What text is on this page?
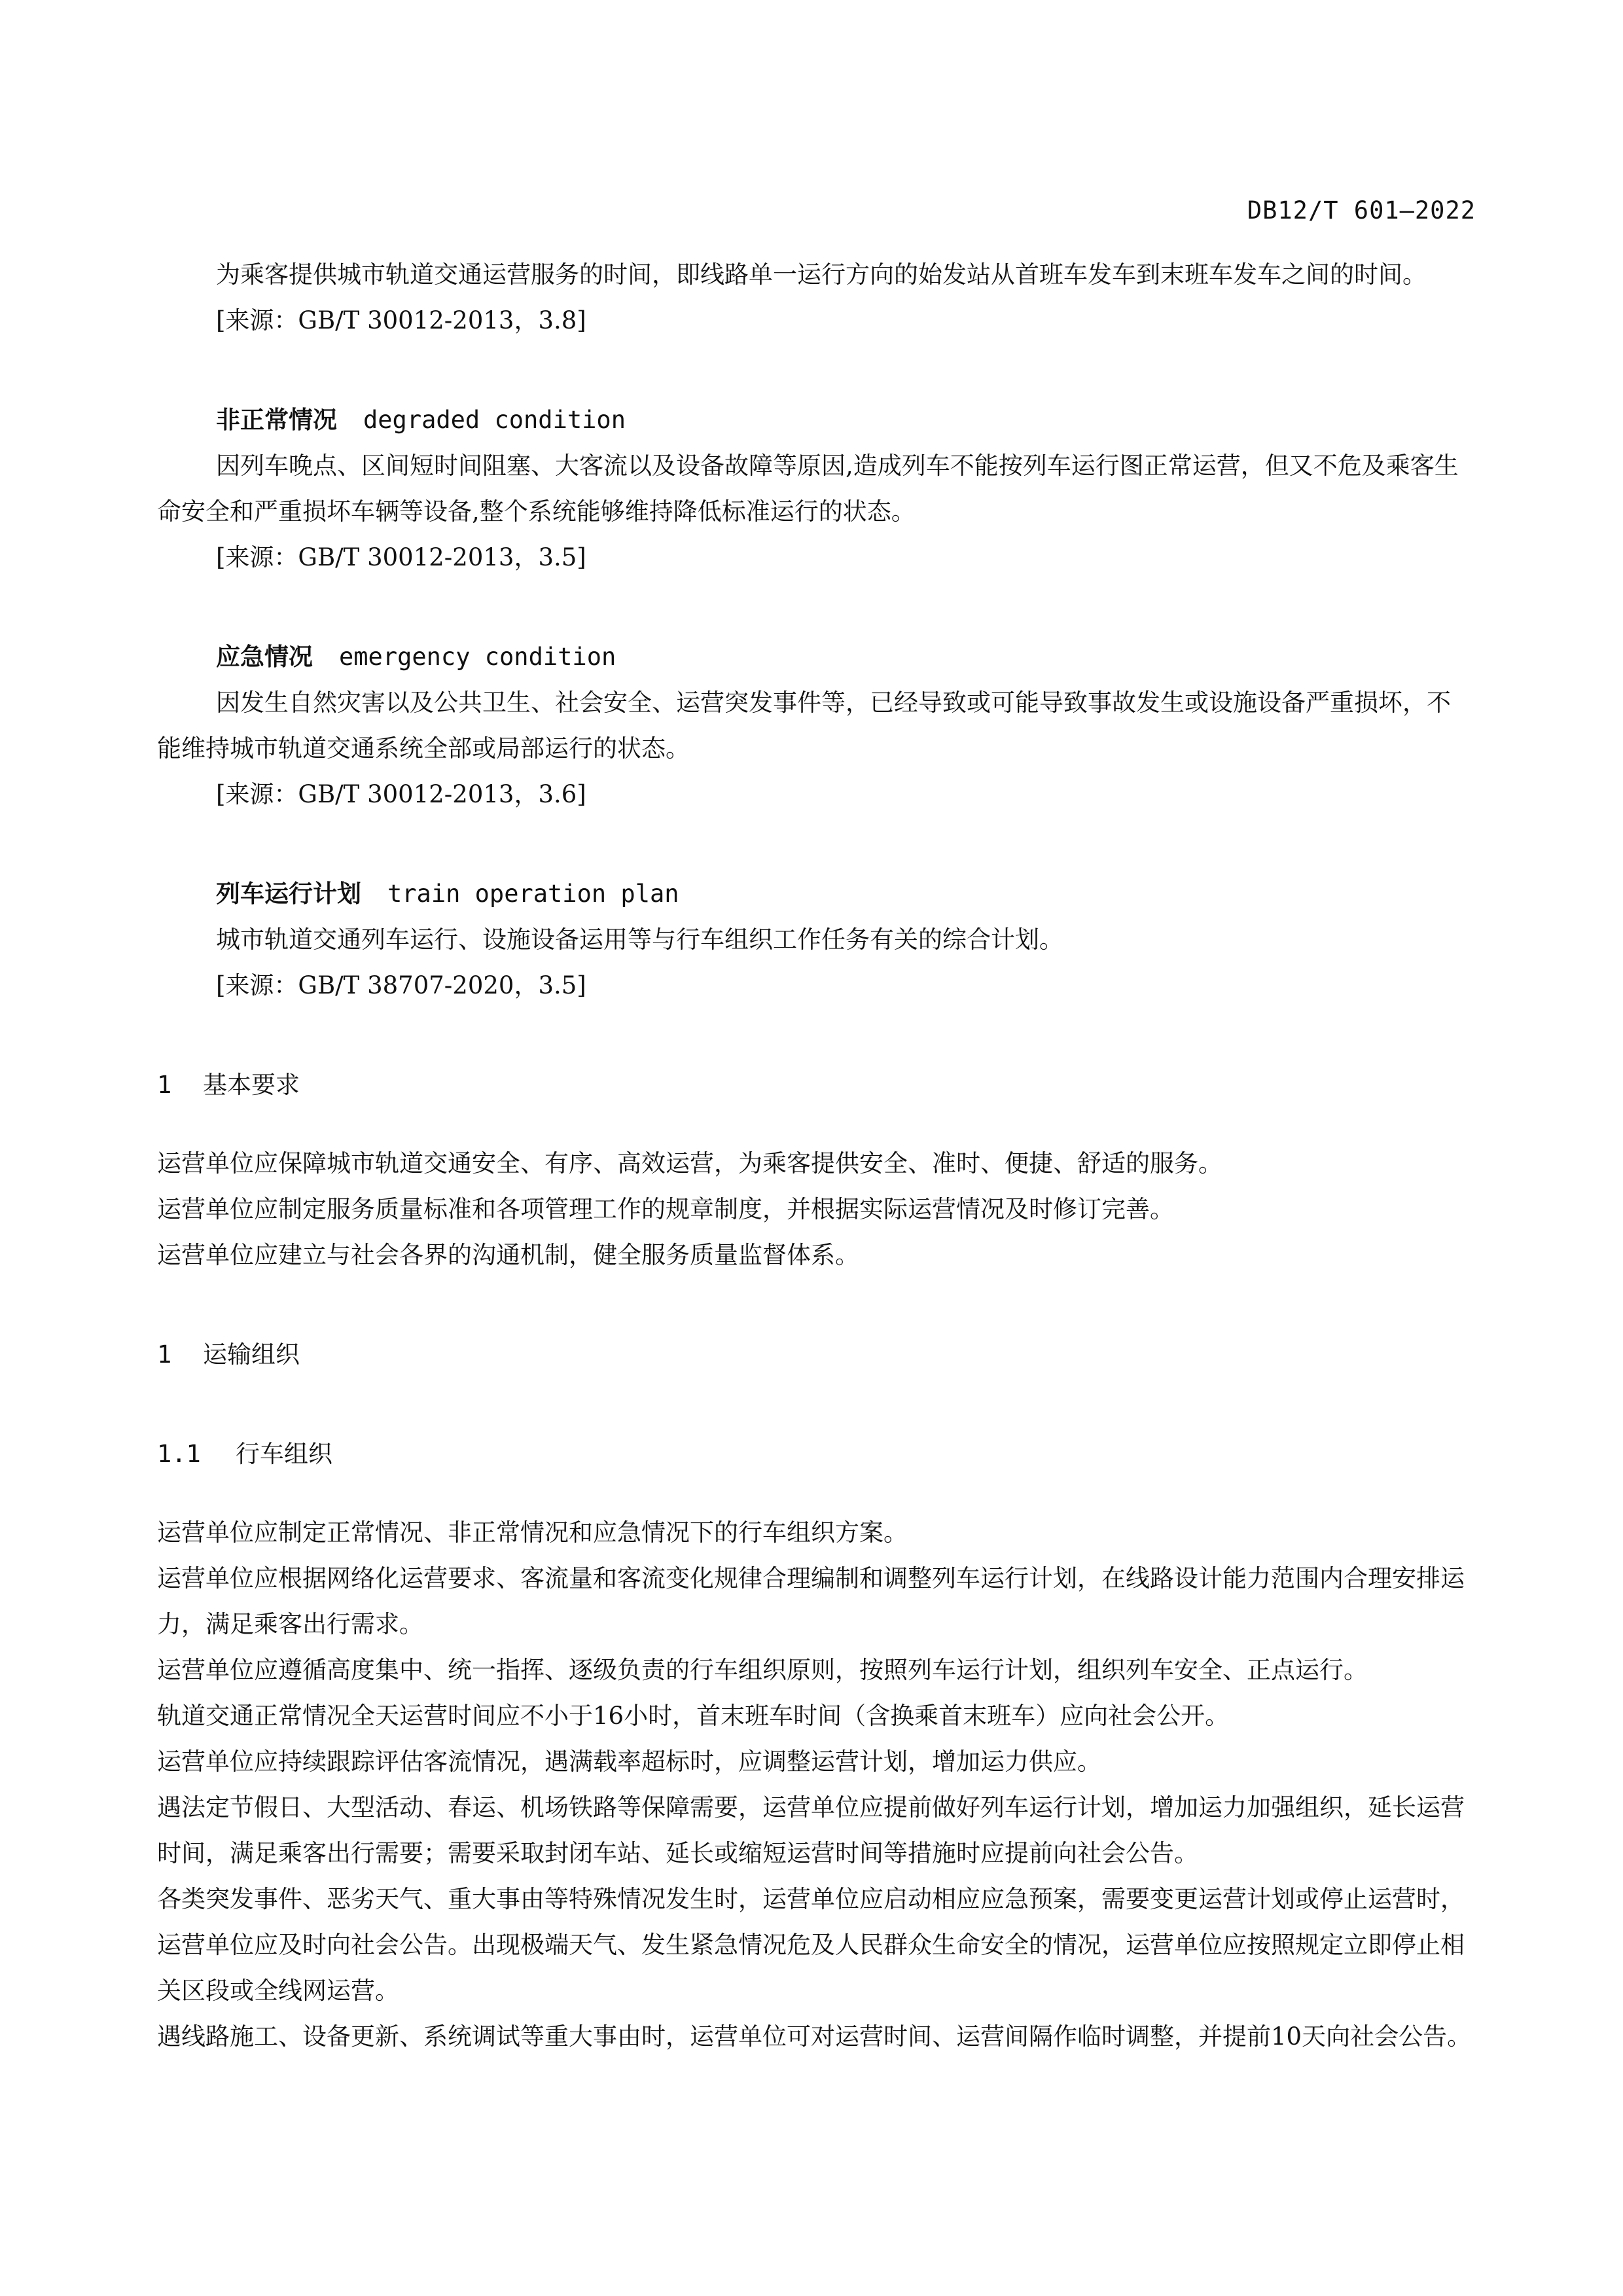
DB12/T 601—2022

为乘客提供城市轨道交通运营服务的时间，即线路单一运行方向的始发站从首班车发车到末班车发车之间的时间。

[来源：GB/T 30012-2013，3.8]

非正常情况 degraded condition

因列车晚点、区间短时间阻塞、大客流以及设备故障等原因,造成列车不能按列车运行图正常运营，但又不危及乘客生命安全和严重损坏车辆等设备,整个系统能够维持降低标准运行的状态。

[来源：GB/T 30012-2013，3.5]

应急情况 emergency condition

因发生自然灾害以及公共卫生、社会安全、运营突发事件等，已经导致或可能导致事故发生或设施设备严重损坏，不能维持城市轨道交通系统全部或局部运行的状态。

[来源：GB/T 30012-2013，3.6]

列车运行计划 train operation plan

城市轨道交通列车运行、设施设备运用等与行车组织工作任务有关的综合计划。

[来源：GB/T 38707-2020，3.5]

1 基本要求

运营单位应保障城市轨道交通安全、有序、高效运营，为乘客提供安全、准时、便捷、舒适的服务。

运营单位应制定服务质量标准和各项管理工作的规章制度，并根据实际运营情况及时修订完善。

运营单位应建立与社会各界的沟通机制，健全服务质量监督体系。

1 运输组织
1.1 行车组织

运营单位应制定正常情况、非正常情况和应急情况下的行车组织方案。

运营单位应根据网络化运营要求、客流量和客流变化规律合理编制和调整列车运行计划，在线路设计能力范围内合理安排运力，满足乘客出行需求。

运营单位应遵循高度集中、统一指挥、逐级负责的行车组织原则，按照列车运行计划，组织列车安全、正点运行。

轨道交通正常情况全天运营时间应不小于16小时，首末班车时间（含换乘首末班车）应向社会公开。

运营单位应持续跟踪评估客流情况，遇满载率超标时，应调整运营计划，增加运力供应。

遇法定节假日、大型活动、春运、机场铁路等保障需要，运营单位应提前做好列车运行计划，增加运力加强组织，延长运营时间，满足乘客出行需要；需要采取封闭车站、延长或缩短运营时间等措施时应提前向社会公告。

各类突发事件、恶劣天气、重大事由等特殊情况发生时，运营单位应启动相应应急预案，需要变更运营计划或停止运营时，运营单位应及时向社会公告。出现极端天气、发生紧急情况危及人民群众生命安全的情况，运营单位应按照规定立即停止相关区段或全线网运营。

遇线路施工、设备更新、系统调试等重大事由时，运营单位可对运营时间、运营间隔作临时调整，并提前10天向社会公告。
